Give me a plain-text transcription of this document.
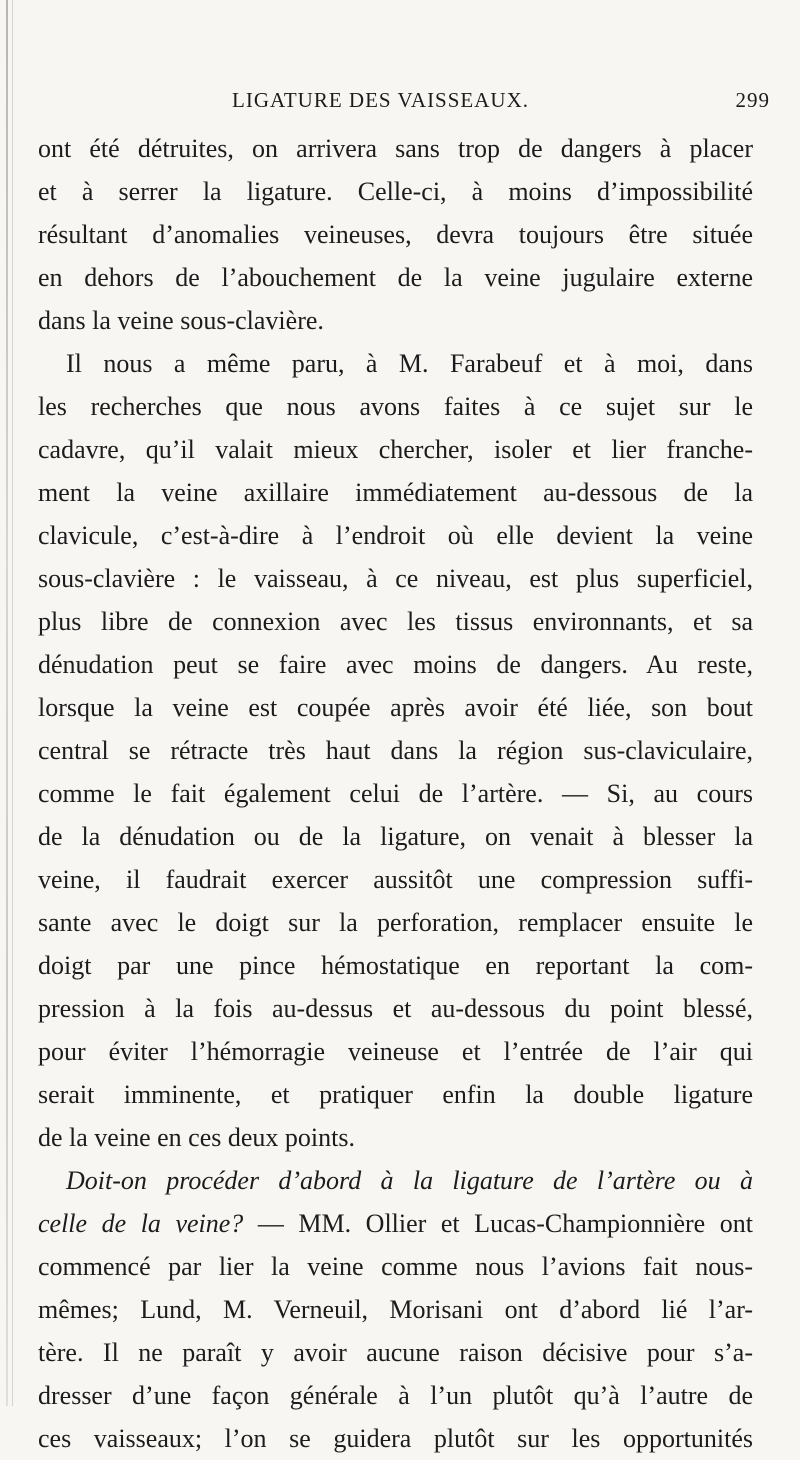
LIGATURE DES VAISSEAUX.	299
ont été détruites, on arrivera sans trop de dangers à placer
et à serrer la ligature. Celle-ci, à moins d’impossibilité
résultant d’anomalies veineuses, devra toujours être située
en dehors de l’abouchement de la veine jugulaire externe
dans la veine sous-clavière.
Il nous a même paru, à M. Farabeuf et à moi, dans
les recherches que nous avons faites à ce sujet sur le
cadavre, qu’il valait mieux chercher, isoler et lier franche-
ment la veine axillaire immédiatement au-dessous de la
clavicule, c’est-à-dire à l’endroit où elle devient la veine
sous-clavière : le vaisseau, à ce niveau, est plus superficiel,
plus libre de connexion avec les tissus environnants, et sa
dénudation peut se faire avec moins de dangers. Au reste,
lorsque la veine est coupée après avoir été liée, son bout
central se rétracte très haut dans la région sus-claviculaire,
comme le fait également celui de l’artère. — Si, au cours
de la dénudation ou de la ligature, on venait à blesser la
veine, il faudrait exercer aussitôt une compression suffi-
sante avec le doigt sur la perforation, remplacer ensuite le
doigt par une pince hémostatique en reportant la com-
pression à la fois au-dessus et au-dessous du point blessé,
pour éviter l’hémorragie veineuse et l’entrée de l’air qui
serait imminente, et pratiquer enfin la double ligature
de la veine en ces deux points.
Doit-on procéder d’abord à la ligature de l’artère ou à
celle de la veine? — MM. Ollier et Lucas-Championnière ont
commencé par lier la veine comme nous l’avions fait nous-
mêmes; Lund, M. Verneuil, Morisani ont d’abord lié l’ar-
tère. Il ne paraît y avoir aucune raison décisive pour s’a-
dresser d’une façon générale à l’un plutôt qu’à l’autre de
ces vaisseaux; l’on se guidera plutôt sur les opportunités
